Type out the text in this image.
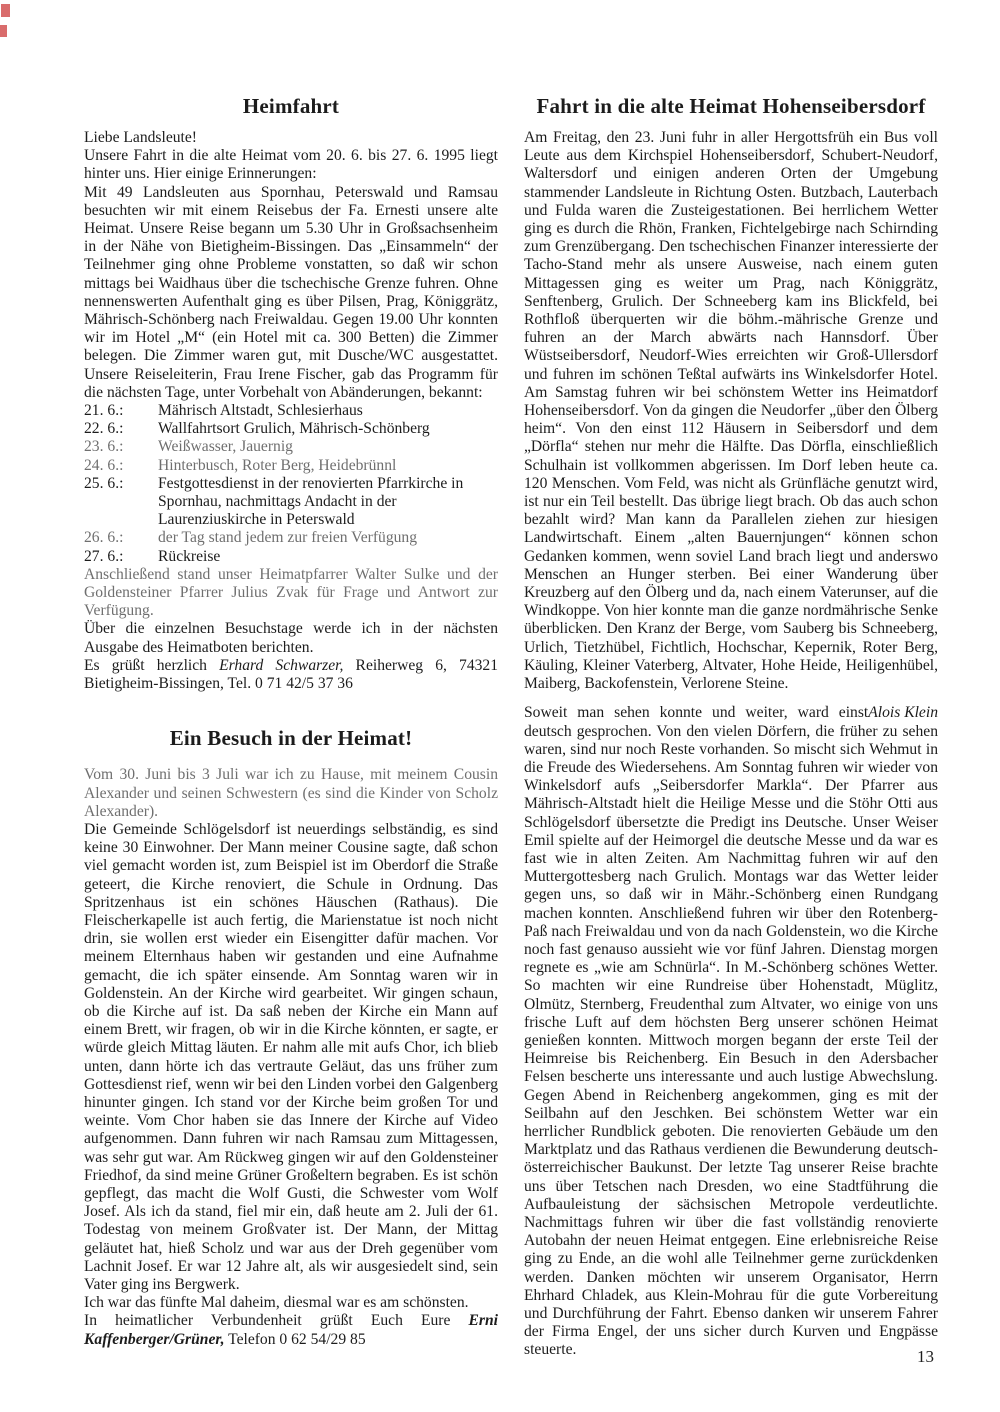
Heimfahrt

Liebe Landsleute!

Unsere Fahrt in die alte Heimat vom 20. 6. bis 27. 6. 1995 liegt hinter uns. Hier einige Erinnerungen:

Mit 49 Landsleuten aus Spornhau, Peterswald und Ramsau besuchten wir mit einem Reisebus der Fa. Ernesti unsere alte Heimat. Unsere Reise begann um 5.30 Uhr in Großsachsenheim in der Nähe von Bietigheim-Bissingen. Das „Einsammeln“ der Teilnehmer ging ohne Probleme vonstatten, so daß wir schon mittags bei Waidhaus über die tschechische Grenze fuhren. Ohne nennenswerten Aufenthalt ging es über Pilsen, Prag, Königgrätz, Mährisch-Schönberg nach Freiwaldau. Gegen 19.00 Uhr konnten wir im Hotel „M“ (ein Hotel mit ca. 300 Betten) die Zimmer belegen. Die Zimmer waren gut, mit Dusche/WC ausgestattet. Unsere Reiseleiterin, Frau Irene Fischer, gab das Programm für die nächsten Tage, unter Vorbehalt von Abänderungen, bekannt:

21. 6.:	Mährisch Altstadt, Schlesierhaus
22. 6.:	Wallfahrtsort Grulich, Mährisch-Schönberg
23. 6.:	Weißwasser, Jauernig
24. 6.:	Hinterbusch, Roter Berg, Heidebrünnl
25. 6.:	Festgottesdienst in der renovierten Pfarrkirche in Spornhau, nachmittags Andacht in der Laurenziuskirche in Peterswald
26. 6.:	der Tag stand jedem zur freien Verfügung
27. 6.:	Rückreise

Anschließend stand unser Heimatpfarrer Walter Sulke und der Goldensteiner Pfarrer Julius Zvak für Frage und Antwort zur Verfügung.

Über die einzelnen Besuchstage werde ich in der nächsten Ausgabe des Heimatboten berichten.

Es grüßt herzlich Erhard Schwarzer, Reiherweg 6, 74321 Bietigheim-Bissingen, Tel. 0 71 42/5 37 36

Ein Besuch in der Heimat!

Vom 30. Juni bis 3 Juli war ich zu Hause, mit meinem Cousin Alexander und seinen Schwestern (es sind die Kinder von Scholz Alexander).

Die Gemeinde Schlögelsdorf ist neuerdings selbständig, es sind keine 30 Einwohner. Der Mann meiner Cousine sagte, daß schon viel gemacht worden ist, zum Beispiel ist im Oberdorf die Straße geteert, die Kirche renoviert, die Schule in Ordnung. Das Spritzenhaus ist ein schönes Häuschen (Rathaus). Die Fleischerkapelle ist auch fertig, die Marienstatue ist noch nicht drin, sie wollen erst wieder ein Eisengitter dafür machen. Vor meinem Elternhaus haben wir gestanden und eine Aufnahme gemacht, die ich später einsende. Am Sonntag waren wir in Goldenstein. An der Kirche wird gearbeitet. Wir gingen schaun, ob die Kirche auf ist. Da saß neben der Kirche ein Mann auf einem Brett, wir fragen, ob wir in die Kirche könnten, er sagte, er würde gleich Mittag läuten. Er nahm alle mit aufs Chor, ich blieb unten, dann hörte ich das vertraute Geläut, das uns früher zum Gottesdienst rief, wenn wir bei den Linden vorbei den Galgenberg hinunter gingen. Ich stand vor der Kirche beim großen Tor und weinte. Vom Chor haben sie das Innere der Kirche auf Video aufgenommen. Dann fuhren wir nach Ramsau zum Mittagessen, was sehr gut war. Am Rückweg gingen wir auf den Goldensteiner Friedhof, da sind meine Grüner Großeltern begraben. Es ist schön gepflegt, das macht die Wolf Gusti, die Schwester vom Wolf Josef. Als ich da stand, fiel mir ein, daß heute am 2. Juli der 61. Todestag von meinem Großvater ist. Der Mann, der Mittag geläutet hat, hieß Scholz und war aus der Dreh gegenüber vom Lachnit Josef. Er war 12 Jahre alt, als wir ausgesiedelt sind, sein Vater ging ins Bergwerk.

Ich war das fünfte Mal daheim, diesmal war es am schönsten.

In heimatlicher Verbundenheit grüßt Euch Eure Erni Kaffenberger/Grüner, Telefon 0 62 54/29 85

Fahrt in die alte Heimat Hohenseibersdorf

Am Freitag, den 23. Juni fuhr in aller Hergottsfrüh ein Bus voll Leute aus dem Kirchspiel Hohenseibersdorf, Schubert-Neudorf, Waltersdorf und einigen anderen Orten der Umgebung stammender Landsleute in Richtung Osten. Butzbach, Lauterbach und Fulda waren die Zusteigestationen. Bei herrlichem Wetter ging es durch die Rhön, Franken, Fichtelgebirge nach Schirnding zum Grenzübergang. Den tschechischen Finanzer interessierte der Tacho-Stand mehr als unsere Ausweise, nach einem guten Mittagessen ging es weiter um Prag, nach Königgrätz, Senftenberg, Grulich. Der Schneeberg kam ins Blickfeld, bei Rothfloß überquerten wir die böhm.-mährische Grenze und fuhren an der March abwärts nach Hannsdorf. Über Wüstseibersdorf, Neudorf-Wies erreichten wir Groß-Ullersdorf und fuhren im schönen Teßtal aufwärts ins Winkelsdorfer Hotel. Am Samstag fuhren wir bei schönstem Wetter ins Heimatdorf Hohenseibersdorf. Von da gingen die Neudorfer „über den Ölberg heim“. Von den einst 112 Häusern in Seibersdorf und dem „Dörfla“ stehen nur mehr die Hälfte. Das Dörfla, einschließlich Schulhain ist vollkommen abgerissen. Im Dorf leben heute ca. 120 Menschen. Vom Feld, was nicht als Grünfläche genutzt wird, ist nur ein Teil bestellt. Das übrige liegt brach. Ob das auch schon bezahlt wird? Man kann da Parallelen ziehen zur hiesigen Landwirtschaft. Einem „alten Bauernjungen“ können schon Gedanken kommen, wenn soviel Land brach liegt und anderswo Menschen an Hunger sterben. Bei einer Wanderung über Kreuzberg auf den Ölberg und da, nach einem Vaterunser, auf die Windkoppe. Von hier konnte man die ganze nordmährische Senke überblicken. Den Kranz der Berge, vom Sauberg bis Schneeberg, Urlich, Tietzhübel, Fichtlich, Hochschar, Kepernik, Roter Berg, Käuling, Kleiner Vaterberg, Altvater, Hohe Heide, Heiligenhübel, Maiberg, Backofenstein, Verlorene Steine.

Alois Klein
Soweit man sehen konnte und weiter, ward einst deutsch gesprochen. Von den vielen Dörfern, die früher zu sehen waren, sind nur noch Reste vorhanden. So mischt sich Wehmut in die Freude des Wiedersehens. Am Sonntag fuhren wir wieder von Winkelsdorf aufs „Seibersdorfer Markla“. Der Pfarrer aus Mährisch-Altstadt hielt die Heilige Messe und die Stöhr Otti aus Schlögelsdorf übersetzte die Predigt ins Deutsche. Unser Weiser Emil spielte auf der Heimorgel die deutsche Messe und da war es fast wie in alten Zeiten. Am Nachmittag fuhren wir auf den Muttergottesberg nach Grulich. Montags war das Wetter leider gegen uns, so daß wir in Mähr.-Schönberg einen Rundgang machen konnten. Anschließend fuhren wir über den Rotenberg-Paß nach Freiwaldau und von da nach Goldenstein, wo die Kirche noch fast genauso aussieht wie vor fünf Jahren. Dienstag morgen regnete es „wie am Schnürla“. In M.-Schönberg schönes Wetter. So machten wir eine Rundreise über Hohenstadt, Müglitz, Olmütz, Sternberg, Freudenthal zum Altvater, wo einige von uns frische Luft auf dem höchsten Berg unserer schönen Heimat genießen konnten. Mittwoch morgen begann der erste Teil der Heimreise bis Reichenberg. Ein Besuch in den Adersbacher Felsen bescherte uns interessante und auch lustige Abwechslung. Gegen Abend in Reichenberg angekommen, ging es mit der Seilbahn auf den Jeschken. Bei schönstem Wetter war ein herrlicher Rundblick geboten. Die renovierten Gebäude um den Marktplatz und das Rathaus verdienen die Bewunderung deutsch-österreichischer Baukunst. Der letzte Tag unserer Reise brachte uns über Tetschen nach Dresden, wo eine Stadtführung die Aufbauleistung der sächsischen Metropole verdeutlichte. Nachmittags fuhren wir über die fast vollständig renovierte Autobahn der neuen Heimat entgegen. Eine erlebnisreiche Reise ging zu Ende, an die wohl alle Teilnehmer gerne zurückdenken werden. Danken möchten wir unserem Organisator, Herrn Ehrhard Chladek, aus Klein-Mohrau für die gute Vorbereitung und Durchführung der Fahrt. Ebenso danken wir unserem Fahrer der Firma Engel, der uns sicher durch Kurven und Engpässe steuerte.	13
